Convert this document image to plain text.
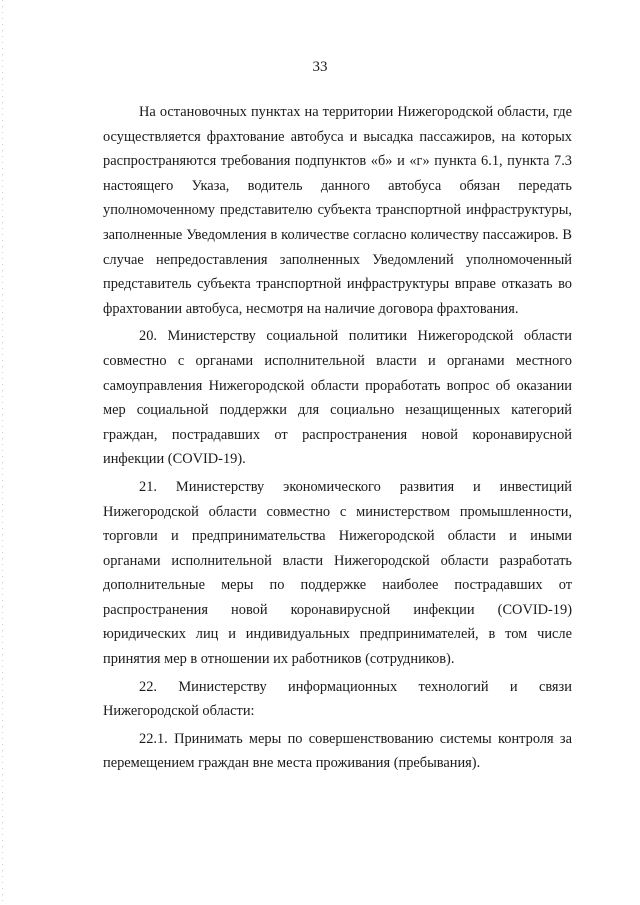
33

На остановочных пунктах на территории Нижегородской области, где осуществляется фрахтование автобуса и высадка пассажиров, на которых распространяются требования подпунктов «б» и «г» пункта 6.1, пункта 7.3 настоящего Указа, водитель данного автобуса обязан передать уполномоченному представителю субъекта транспортной инфраструктуры, заполненные Уведомления в количестве согласно количеству пассажиров. В случае непредоставления заполненных Уведомлений уполномоченный представитель субъекта транспортной инфраструктуры вправе отказать во фрахтовании автобуса, несмотря на наличие договора фрахтования.

20. Министерству социальной политики Нижегородской области совместно с органами исполнительной власти и органами местного самоуправления Нижегородской области проработать вопрос об оказании мер социальной поддержки для социально незащищенных категорий граждан, пострадавших от распространения новой коронавирусной инфекции (COVID-19).

21. Министерству экономического развития и инвестиций Нижегородской области совместно с министерством промышленности, торговли и предпринимательства Нижегородской области и иными органами исполнительной власти Нижегородской области разработать дополнительные меры по поддержке наиболее пострадавших от распространения новой коронавирусной инфекции (COVID-19) юридических лиц и индивидуальных предпринимателей, в том числе принятия мер в отношении их работников (сотрудников).

22. Министерству информационных технологий и связи
Нижегородской области:

22.1. Принимать меры по совершенствованию системы контроля за перемещением граждан вне места проживания (пребывания).
